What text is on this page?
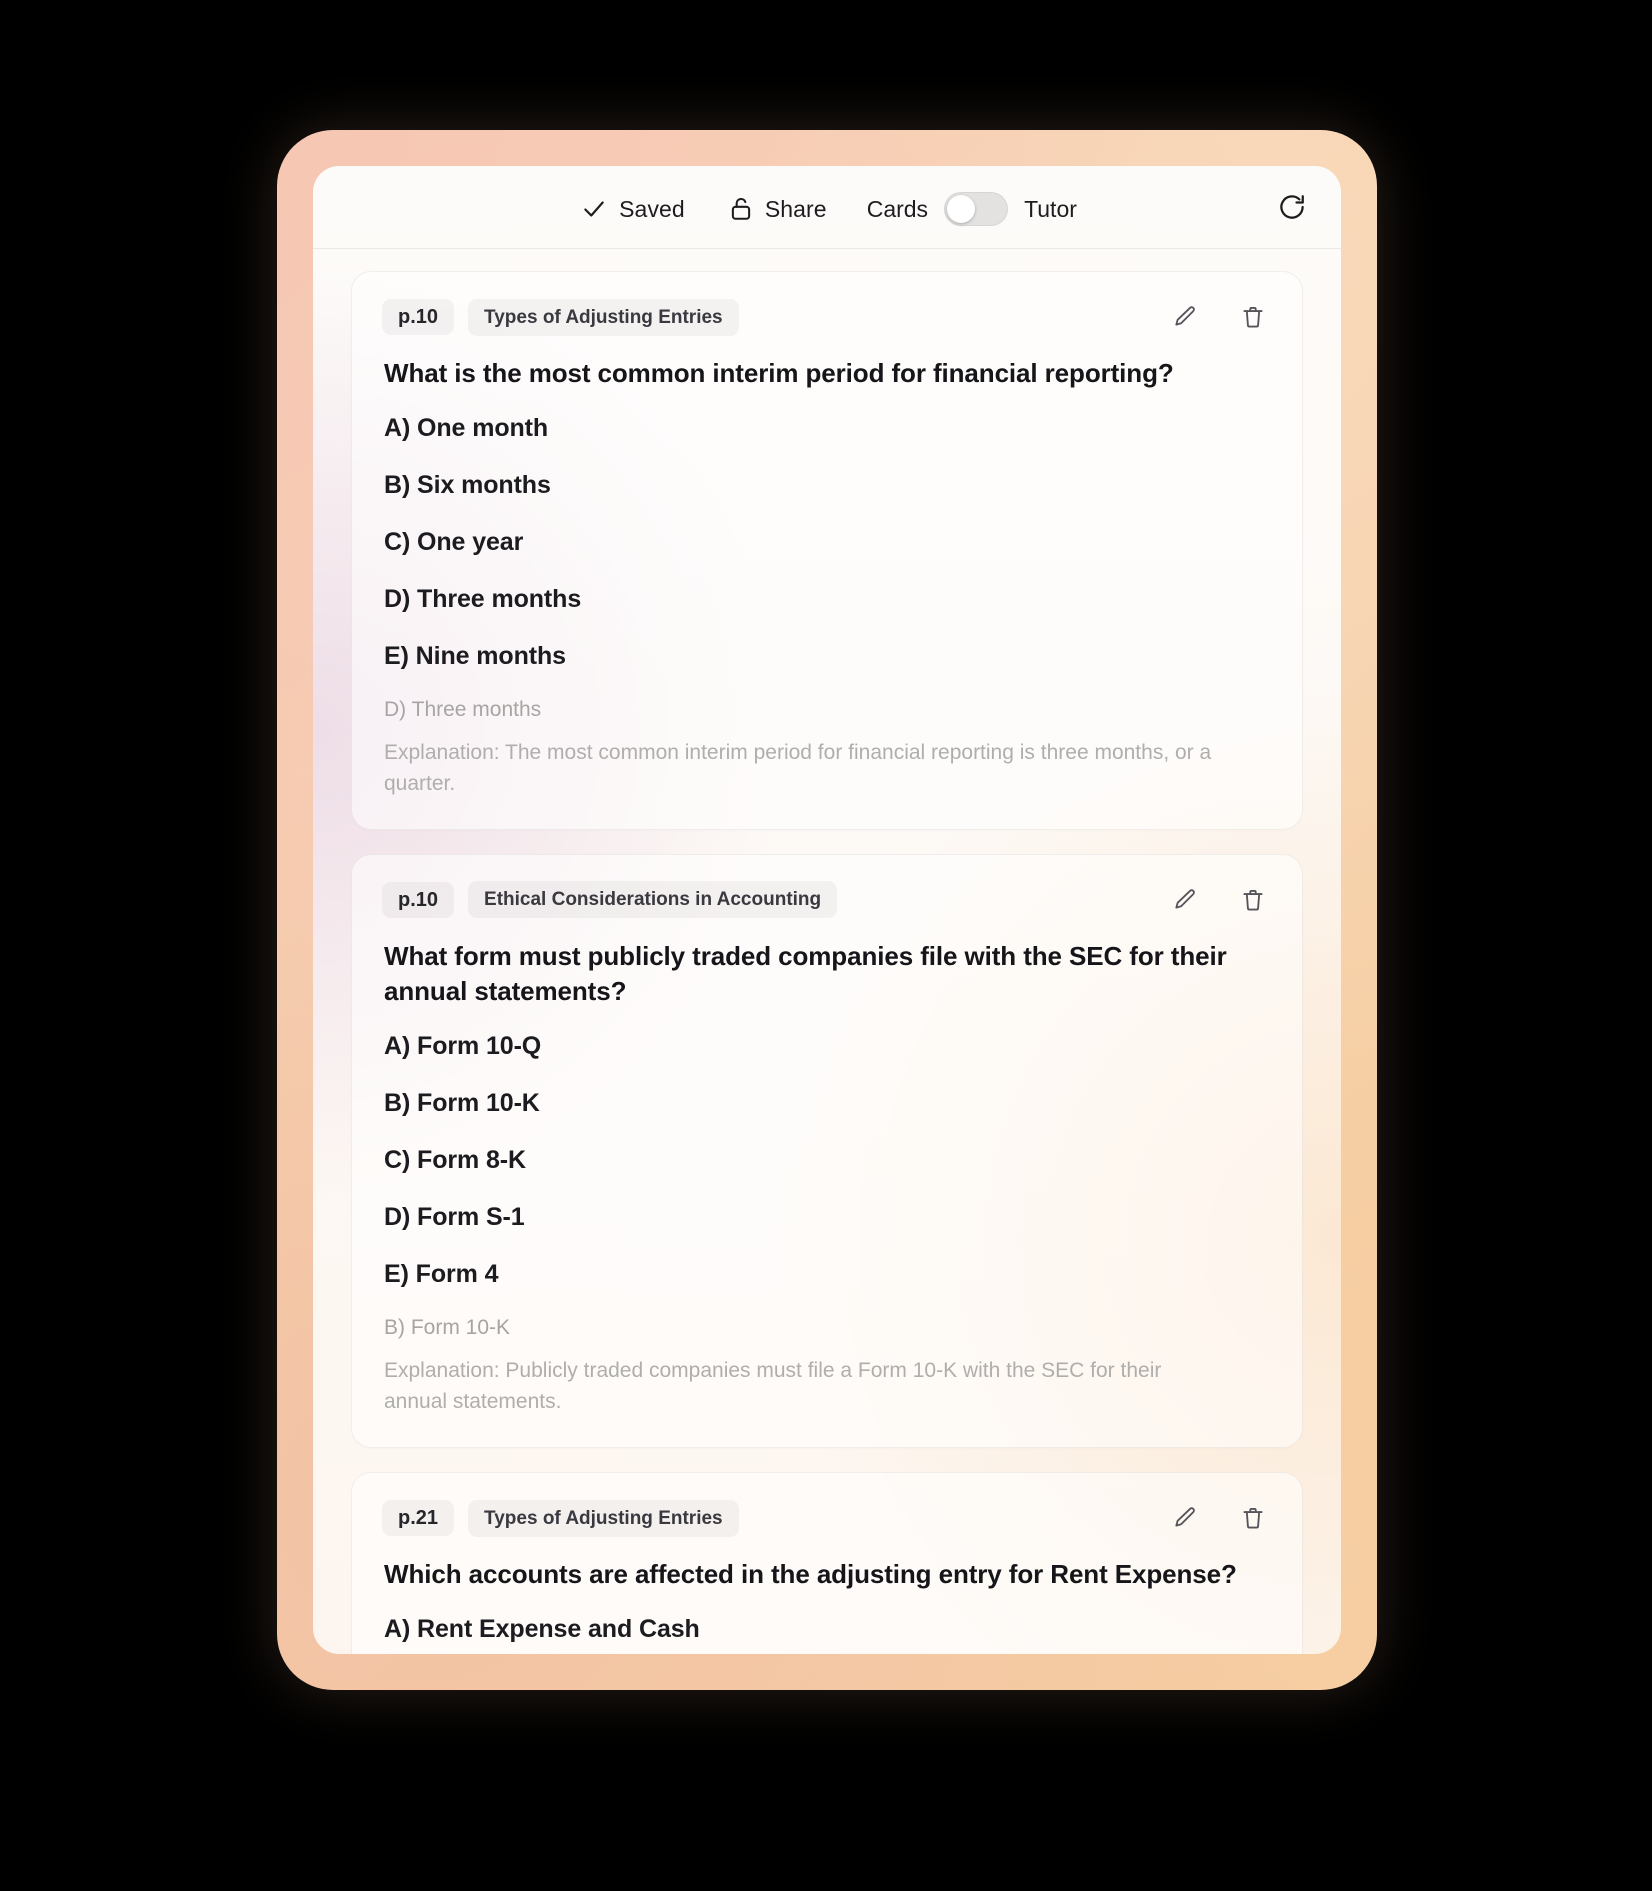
Saved	Share Cards	Tutor
p.10	Types of Adjusting Entries
What is the most common interim period for financial reporting?
A) One month
B) Six months
C) One year
D) Three months
E) Nine months
D) Three months
Explanation: The most common interim period for financial reporting is three months, or a quarter.
p.10	Ethical Considerations in Accounting
What form must publicly traded companies file with the SEC for their annual statements?
A) Form 10-Q
B) Form 10-K
C) Form 8-K
D) Form S-1
E) Form 4
B) Form 10-K
Explanation: Publicly traded companies must file a Form 10-K with the SEC for their annual statements.
p.21	Types of Adjusting Entries
Which accounts are affected in the adjusting entry for Rent Expense?
A) Rent Expense and Cash
